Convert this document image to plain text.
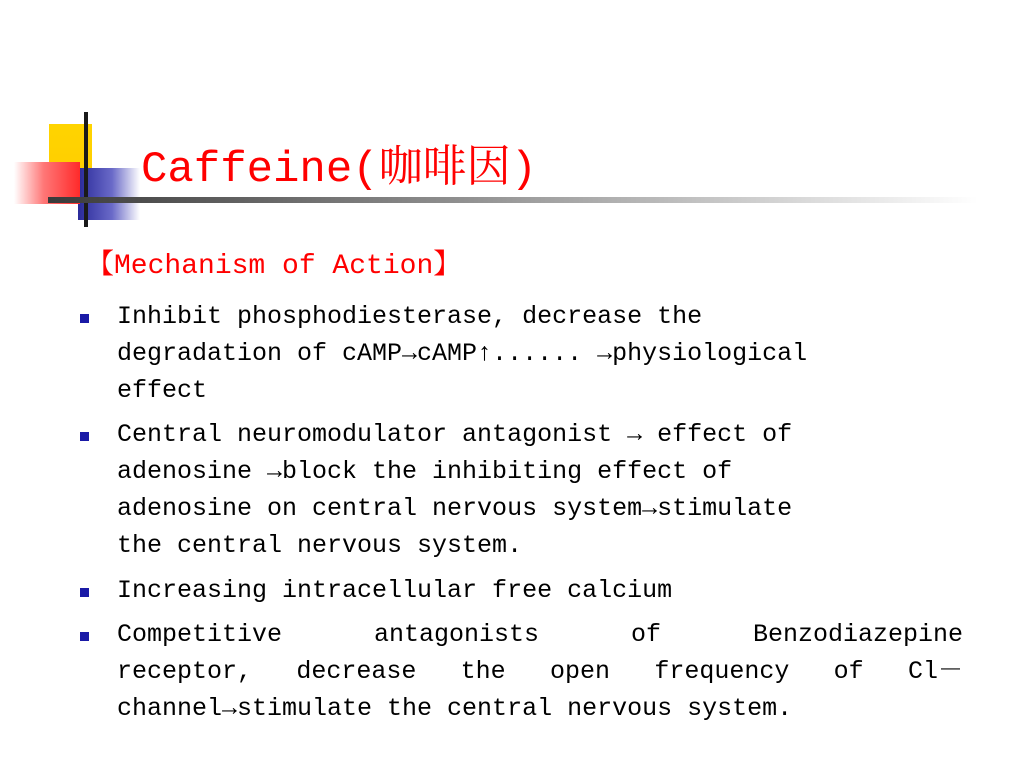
Caffeine(咖啡因)
【Mechanism of Action】
Inhibit phosphodiesterase, decrease the
degradation of cAMP→cAMP↑...... →physiological
effect
Central neuromodulator antagonist → effect of
adenosine →block the inhibiting effect of
adenosine on central nervous system→stimulate
the central nervous system.
Increasing intracellular free calcium
Competitive antagonists of Benzodiazepine
receptor, decrease the open frequency of Cl－
channel→stimulate the central nervous system.
